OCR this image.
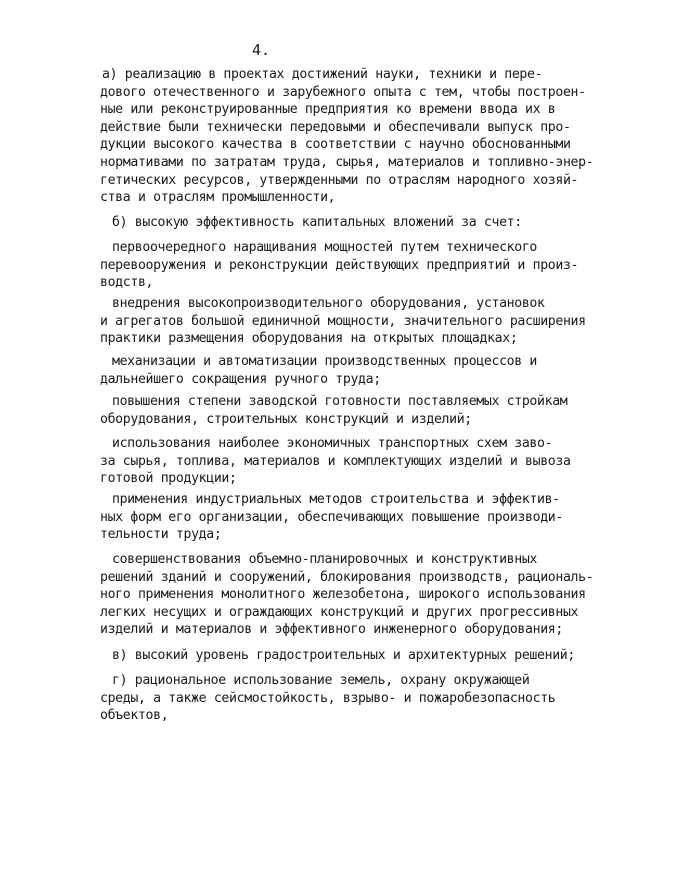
4.
а) реализацию в проектах достижений науки, техники и пере-
дового отечественного и зарубежного опыта с тем, чтобы построен-
ные или реконструированные предприятия ко времени ввода их в
действие были технически передовыми и обеспечивали выпуск про-
дукции высокого качества в соответствии с научно обоснованными
нормативами по затратам труда, сырья, материалов и топливно-энер-
гетических ресурсов, утвержденными по отраслям народного хозяй-
ства и отраслям промышленности,
б) высокую эффективность капитальных вложений за счет:
первоочередного наращивания мощностей путем технического
перевооружения и реконструкции действующих предприятий и произ-
водств,
внедрения высокопроизводительного оборудования, установок
и агрегатов большой единичной мощности, значительного расширения
практики размещения оборудования на открытых площадках;
механизации и автоматизации производственных процессов и
дальнейшего сокращения ручного труда;
повышения степени заводской готовности поставляемых стройкам
оборудования, строительных конструкций и изделий;
использования наиболее экономичных транспортных схем заво-
за сырья, топлива, материалов и комплектующих изделий и вывоза
готовой продукции;
применения индустриальных методов строительства и эффектив-
ных форм его организации, обеспечивающих повышение производи-
тельности труда;
совершенствования объемно-планировочных и конструктивных
решений зданий и сооружений, блокирования производств, рациональ-
ного применения монолитного железобетона, широкого использования
легких несущих и ограждающих конструкций и других прогрессивных
изделий и материалов и эффективного инженерного оборудования;
в) высокий уровень градостроительных и архитектурных решений;
г) рациональное использование земель, охрану окружающей
среды, а также сейсмостойкость, взрыво- и пожаробезопасность
объектов,
